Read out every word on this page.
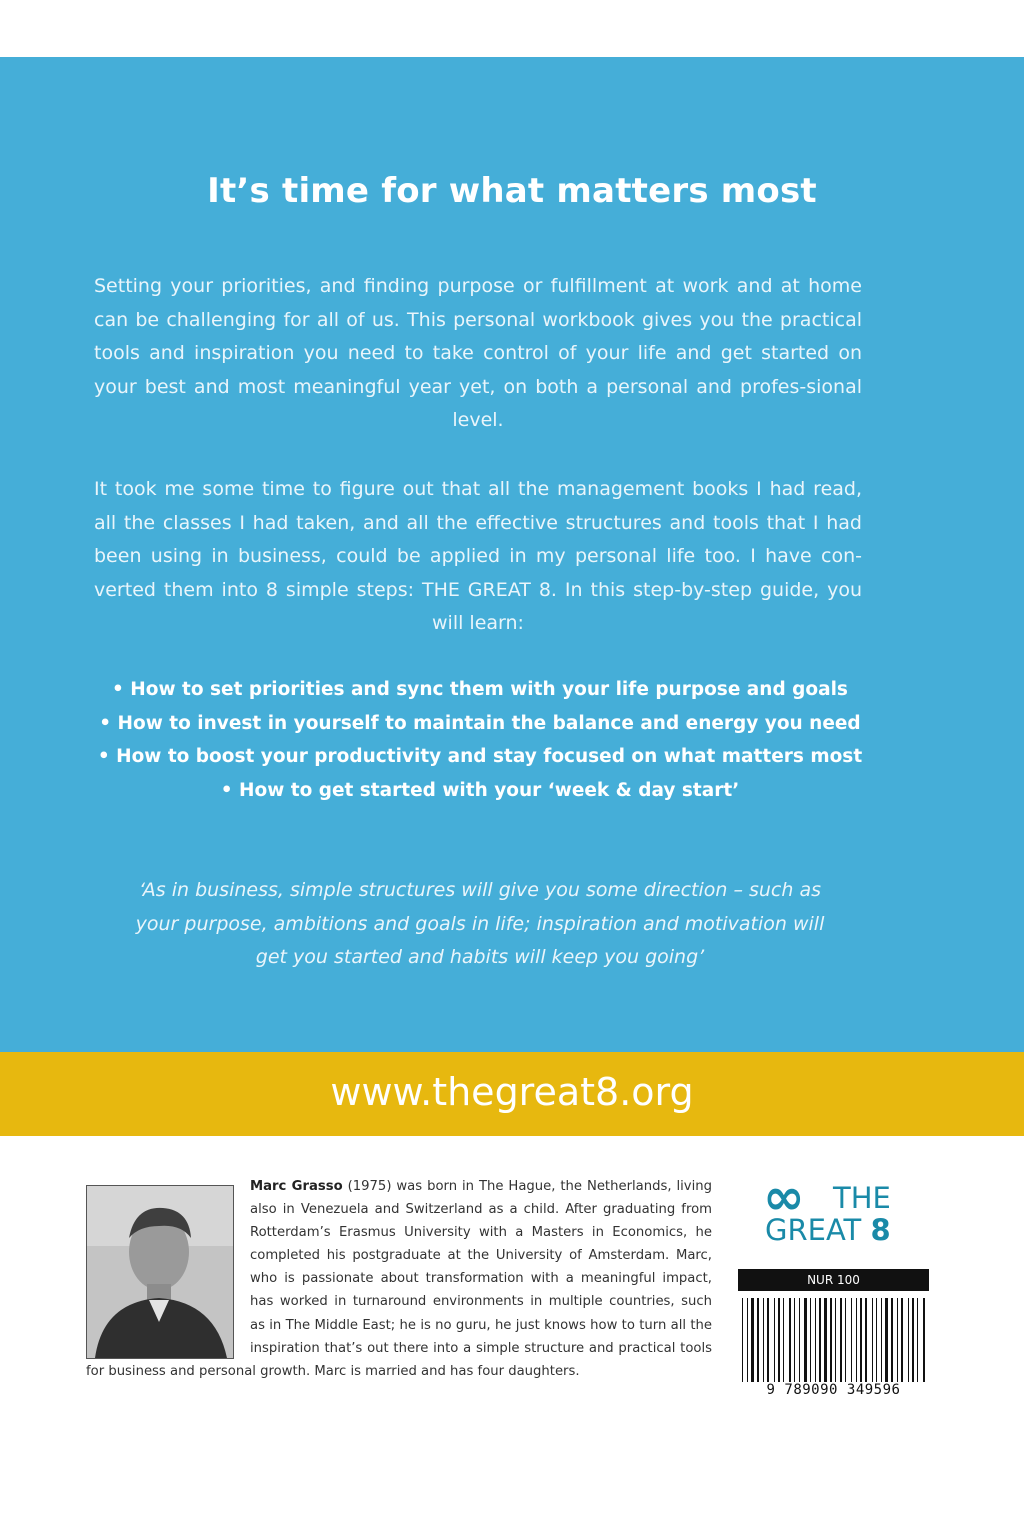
It’s time for what matters most
Setting your priorities, and finding purpose or fulfillment at work and at home can be challenging for all of us. This personal workbook gives you the practical tools and inspiration you need to take control of your life and get started on your best and most meaningful year yet, on both a personal and profes-sional level.
It took me some time to figure out that all the management books I had read, all the classes I had taken, and all the effective structures and tools that I had been using in business, could be applied in my personal life too. I have con-verted them into 8 simple steps: THE GREAT 8. In this step-by-step guide, you will learn:
• How to set priorities and sync them with your life purpose and goals
• How to invest in yourself to maintain the balance and energy you need
• How to boost your productivity and stay focused on what matters most
• How to get started with your ‘week & day start’
‘As in business, simple structures will give you some direction – such as your purpose, ambitions and goals in life; inspiration and motivation will get you started and habits will keep you going’
www.thegreat8.org
Marc Grasso (1975) was born in The Hague, the Netherlands, living also in Venezuela and Switzerland as a child. After graduating from Rotterdam’s Erasmus University with a Masters in Economics, he completed his postgraduate at the University of Amsterdam. Marc, who is passionate about transformation with a meaningful impact, has worked in turnaround environments in multiple countries, such as in The Middle East; he is no guru, he just knows how to turn all the inspiration that’s out there into a simple structure and practical tools for business and personal growth. Marc is married and has four daughters.
∞ THE
GREAT 8
NUR 100
9 789090 349596
